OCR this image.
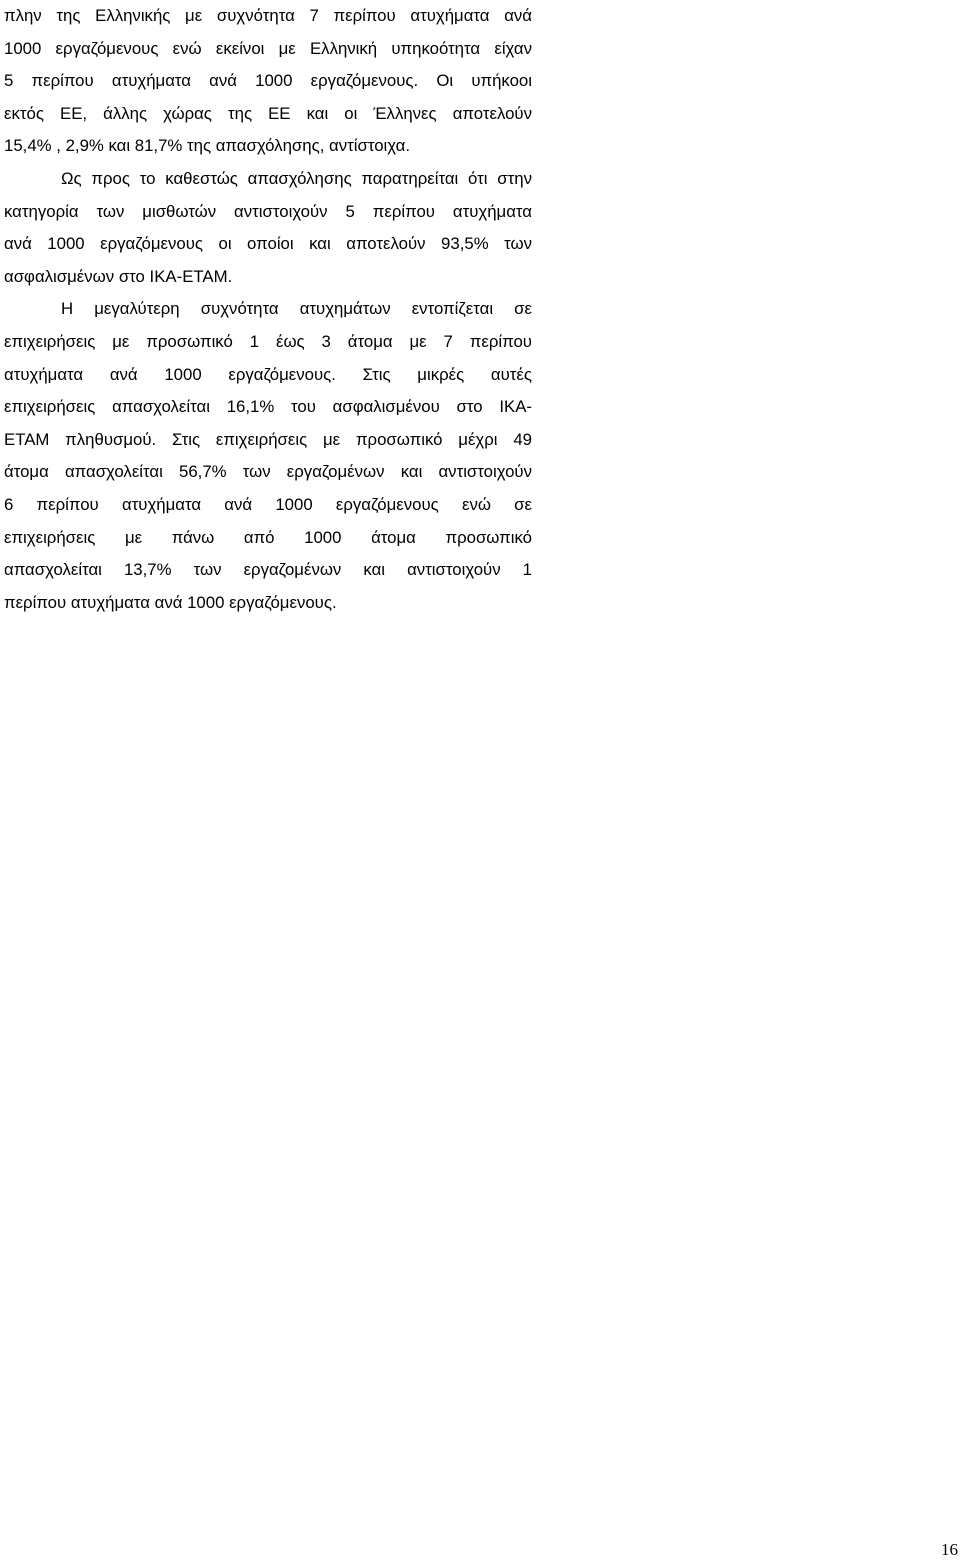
πλην της Ελληνικής με συχνότητα 7 περίπου ατυχήματα ανά
1000 εργαζόμενους ενώ εκείνοι με Ελληνική υπηκοότητα είχαν
5 περίπου ατυχήματα ανά 1000 εργαζόμενους. Οι υπήκοοι
εκτός ΕΕ, άλλης χώρας της ΕΕ και οι Έλληνες αποτελούν
15,4% , 2,9% και 81,7% της απασχόλησης, αντίστοιχα.
Ως προς το καθεστώς απασχόλησης παρατηρείται ότι στην
κατηγορία των μισθωτών αντιστοιχούν 5 περίπου ατυχήματα
ανά 1000 εργαζόμενους οι οποίοι και αποτελούν 93,5% των
ασφαλισμένων στο ΙΚΑ-ΕΤΑΜ.
Η μεγαλύτερη συχνότητα ατυχημάτων εντοπίζεται σε
επιχειρήσεις με προσωπικό 1 έως 3 άτομα με 7 περίπου
ατυχήματα ανά 1000 εργαζόμενους. Στις μικρές αυτές
επιχειρήσεις απασχολείται 16,1% του ασφαλισμένου στο ΙΚΑ-
ΕΤΑΜ πληθυσμού. Στις επιχειρήσεις με προσωπικό μέχρι 49
άτομα απασχολείται 56,7% των εργαζομένων και αντιστοιχούν
6 περίπου ατυχήματα ανά 1000 εργαζόμενους ενώ σε
επιχειρήσεις με πάνω από 1000 άτομα προσωπικό
απασχολείται 13,7% των εργαζομένων και αντιστοιχούν 1
περίπου ατυχήματα ανά 1000 εργαζόμενους.
16
